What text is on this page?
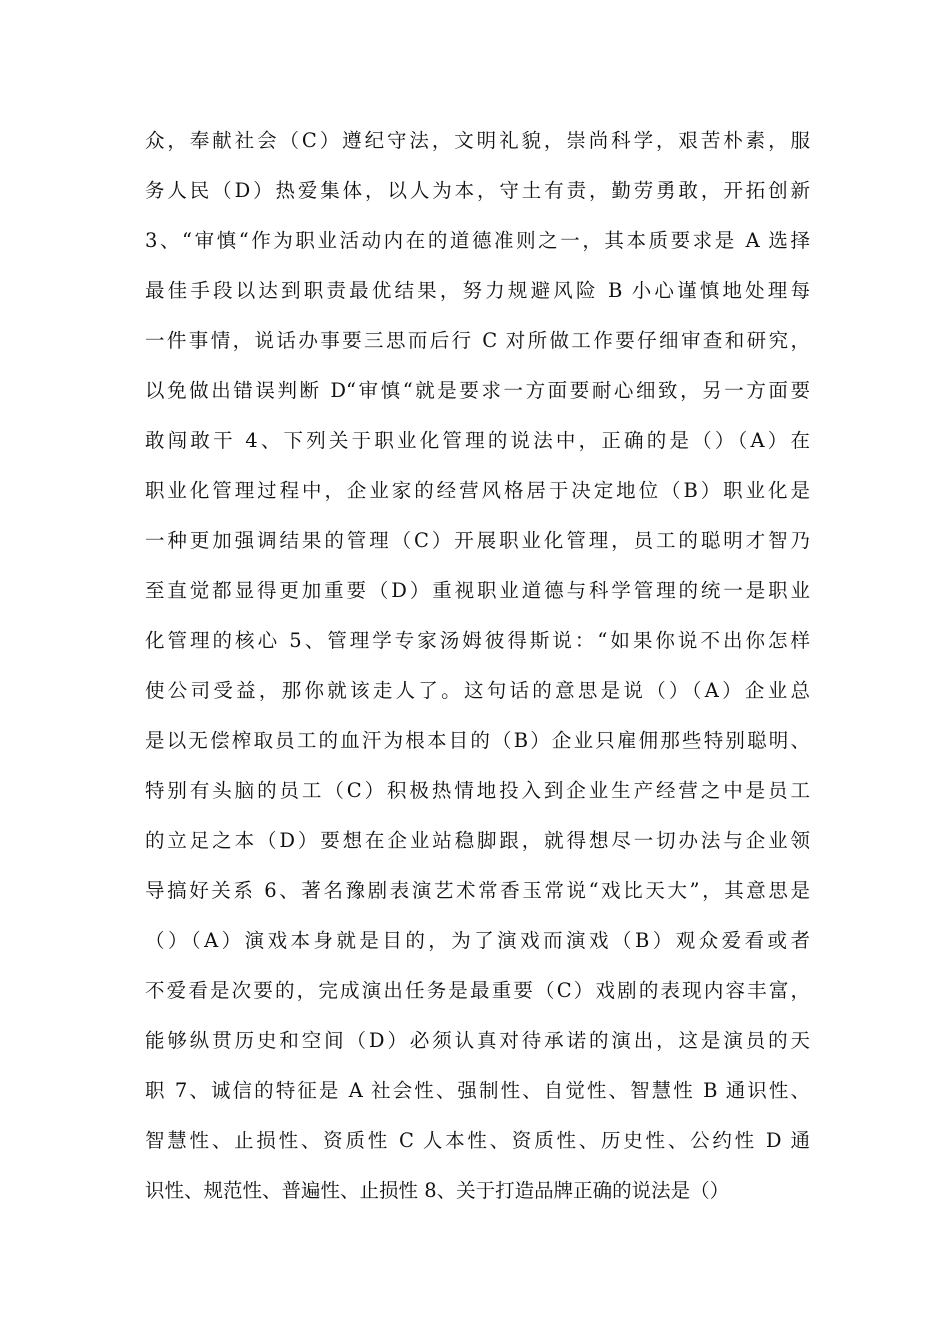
众，奉献社会（C）遵纪守法，文明礼貌，崇尚科学，艰苦朴素，服
务人民（D）热爱集体，以人为本，守土有责，勤劳勇敢，开拓创新
3、“审慎“作为职业活动内在的道德准则之一，其本质要求是 A 选择
最佳手段以达到职责最优结果，努力规避风险 B 小心谨慎地处理每
一件事情，说话办事要三思而后行 C 对所做工作要仔细审查和研究，
以免做出错误判断 D“审慎“就是要求一方面要耐心细致，另一方面要
敢闯敢干 4、下列关于职业化管理的说法中，正确的是（）（A）在
职业化管理过程中，企业家的经营风格居于决定地位（B）职业化是
一种更加强调结果的管理（C）开展职业化管理，员工的聪明才智乃
至直觉都显得更加重要（D）重视职业道德与科学管理的统一是职业
化管理的核心 5、管理学专家汤姆彼得斯说：“如果你说不出你怎样
使公司受益，那你就该走人了。这句话的意思是说（）（A）企业总
是以无偿榨取员工的血汗为根本目的（B）企业只雇佣那些特别聪明、
特别有头脑的员工（C）积极热情地投入到企业生产经营之中是员工
的立足之本（D）要想在企业站稳脚跟，就得想尽一切办法与企业领
导搞好关系 6、著名豫剧表演艺术常香玉常说“戏比天大”，其意思是
（）（A）演戏本身就是目的，为了演戏而演戏（B）观众爱看或者
不爱看是次要的，完成演出任务是最重要（C）戏剧的表现内容丰富，
能够纵贯历史和空间（D）必须认真对待承诺的演出，这是演员的天
职 7、诚信的特征是 A 社会性、强制性、自觉性、智慧性 B 通识性、
智慧性、止损性、资质性 C 人本性、资质性、历史性、公约性 D 通
识性、规范性、普遍性、止损性 8、关于打造品牌正确的说法是（）
